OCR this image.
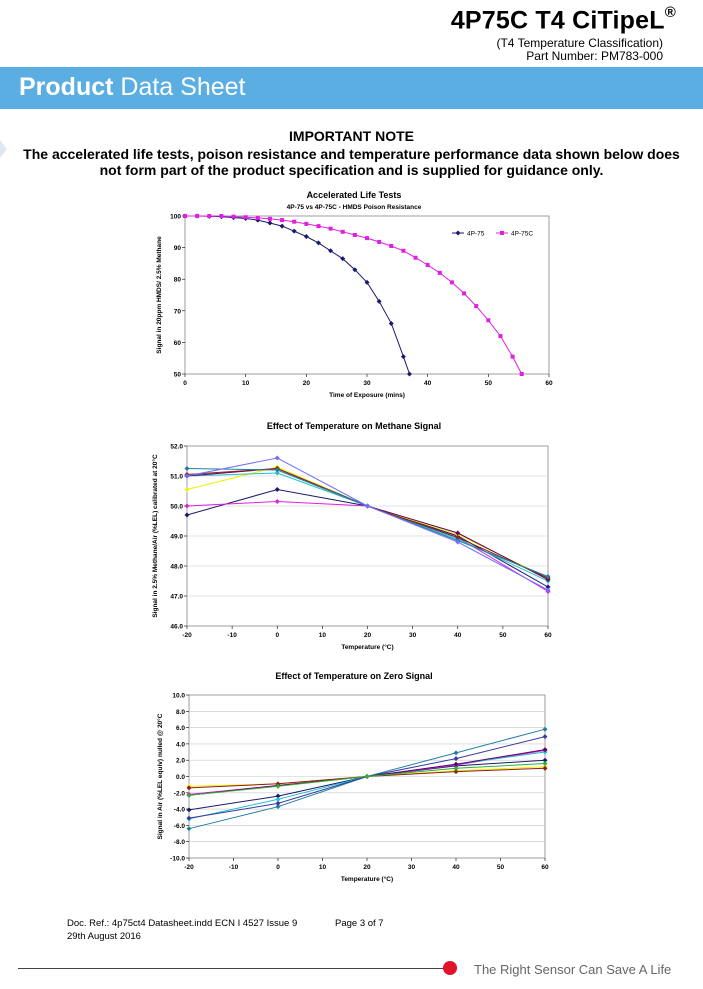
4P75C T4 CiTipeL®
(T4 Temperature Classification)
Part Number: PM783-000
Product Data Sheet
IMPORTANT NOTE
The accelerated life tests, poison resistance and temperature performance data shown below does not form part of the product specification and is supplied for guidance only.
Accelerated Life Tests
4P-75 vs 4P-75C - HMDS Poison Resistance
50
60
70
80
90
100
0	10	20	30	40	50	60
Time of Exposure (mins)
Signal in 20ppm HMDS/ 2.5% Methane
4P-75	4P-75C
Effect of Temperature on Methane Signal
46.0
47.0
48.0
49.0
50.0
51.0
52.0
-20	-10	0	10	20	30	40	50	60
Temperature (°C)
Signal in 2.5% Methane/Air (%LEL) calibrated at 20°C
Effect of Temperature on Zero Signal
-10.0
-8.0
-6.0
-4.0
-2.0
0.0
2.0
4.0
6.0
8.0
10.0
-20	-10	0	10	20	30	40	50	60
Temperature (°C)
Signal in Air (%LEL equiv) nulled @ 20°C
Doc. Ref.: 4p75ct4 Datasheet.indd ECN I 4527 Issue 9
29th August 2016
Page 3 of 7
The Right Sensor Can Save A Life
